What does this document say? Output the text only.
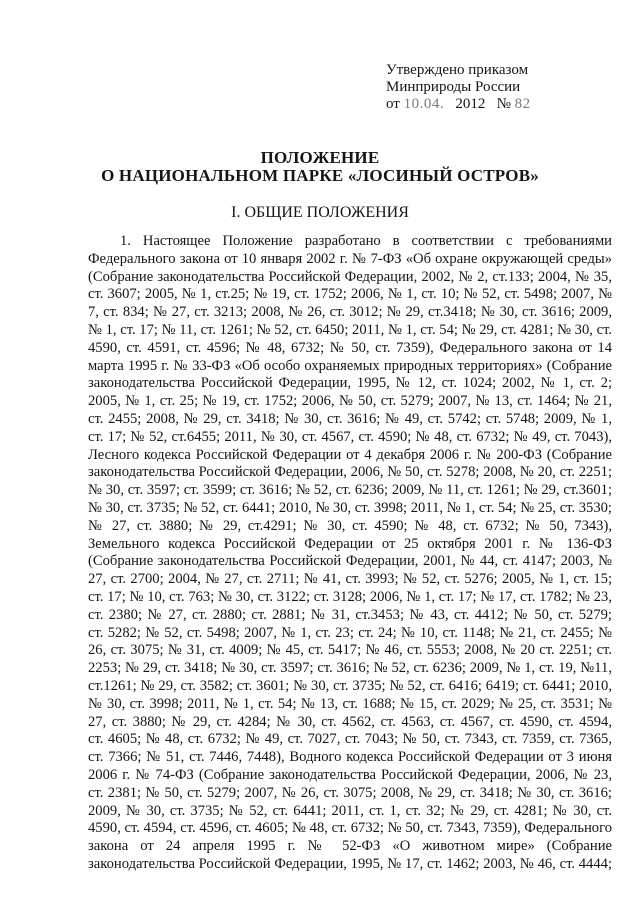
Утверждено приказом
Минприроды России
от 10.04. 2012 № 82
ПОЛОЖЕНИЕ
О НАЦИОНАЛЬНОМ ПАРКЕ «ЛОСИНЫЙ ОСТРОВ»
I. ОБЩИЕ ПОЛОЖЕНИЯ
1. Настоящее Положение разработано в соответствии с требованиями
Федерального закона от 10 января 2002 г. № 7-ФЗ «Об охране окружающей среды»
(Собрание законодательства Российской Федерации, 2002, № 2, ст.133; 2004, № 35,
ст. 3607; 2005, № 1, ст.25; № 19, ст. 1752; 2006, № 1, ст. 10; № 52, ст. 5498; 2007, №
7, ст. 834; № 27, ст. 3213; 2008, № 26, ст. 3012; № 29, ст.3418; № 30, ст. 3616; 2009,
№ 1, ст. 17; № 11, ст. 1261; № 52, ст. 6450; 2011, № 1, ст. 54; № 29, ст. 4281; № 30, ст.
4590, ст. 4591, ст. 4596; № 48, 6732; № 50, ст. 7359), Федерального закона от 14
марта 1995 г. № 33-ФЗ «Об особо охраняемых природных территориях» (Собрание
законодательства Российской Федерации, 1995, № 12, ст. 1024; 2002, № 1, ст. 2;
2005, № 1, ст. 25; № 19, ст. 1752; 2006, № 50, ст. 5279; 2007, № 13, ст. 1464; № 21,
ст. 2455; 2008, № 29, ст. 3418; № 30, ст. 3616; № 49, ст. 5742; ст. 5748; 2009, № 1,
ст. 17; № 52, ст.6455; 2011, № 30, ст. 4567, ст. 4590; № 48, ст. 6732; № 49, ст. 7043),
Лесного кодекса Российской Федерации от 4 декабря 2006 г. № 200-ФЗ (Собрание
законодательства Российской Федерации, 2006, № 50, ст. 5278; 2008, № 20, ст. 2251;
№ 30, ст. 3597; ст. 3599; ст. 3616; № 52, ст. 6236; 2009, № 11, ст. 1261; № 29, ст.3601;
№ 30, ст. 3735; № 52, ст. 6441; 2010, № 30, ст. 3998; 2011, № 1, ст. 54; № 25, ст. 3530;
№ 27, ст. 3880; № 29, ст.4291; № 30, ст. 4590; № 48, ст. 6732; № 50, 7343),
Земельного кодекса Российской Федерации от 25 октября 2001 г. № 136-ФЗ
(Собрание законодательства Российской Федерации, 2001, № 44, ст. 4147; 2003, №
27, ст. 2700; 2004, № 27, ст. 2711; № 41, ст. 3993; № 52, ст. 5276; 2005, № 1, ст. 15;
ст. 17; № 10, ст. 763; № 30, ст. 3122; ст. 3128; 2006, № 1, ст. 17; № 17, ст. 1782; № 23,
ст. 2380; № 27, ст. 2880; ст. 2881; № 31, ст.3453; № 43, ст. 4412; № 50, ст. 5279;
ст. 5282; № 52, ст. 5498; 2007, № 1, ст. 23; ст. 24; № 10, ст. 1148; № 21, ст. 2455; №
26, ст. 3075; № 31, ст. 4009; № 45, ст. 5417; № 46, ст. 5553; 2008, № 20 ст. 2251; ст.
2253; № 29, ст. 3418; № 30, ст. 3597; ст. 3616; № 52, ст. 6236; 2009, № 1, ст. 19, №11,
ст.1261; № 29, ст. 3582; ст. 3601; № 30, ст. 3735; № 52, ст. 6416; 6419; ст. 6441; 2010,
№ 30, ст. 3998; 2011, № 1, ст. 54; № 13, ст. 1688; № 15, ст. 2029; № 25, ст. 3531; №
27, ст. 3880; № 29, ст. 4284; № 30, ст. 4562, ст. 4563, ст. 4567, ст. 4590, ст. 4594,
ст. 4605; № 48, ст. 6732; № 49, ст. 7027, ст. 7043; № 50, ст. 7343, ст. 7359, ст. 7365,
ст. 7366; № 51, ст. 7446, 7448), Водного кодекса Российской Федерации от 3 июня
2006 г. № 74-ФЗ (Собрание законодательства Российской Федерации, 2006, № 23,
ст. 2381; № 50, ст. 5279; 2007, № 26, ст. 3075; 2008, № 29, ст. 3418; № 30, ст. 3616;
2009, № 30, ст. 3735; № 52, ст. 6441; 2011, ст. 1, ст. 32; № 29, ст. 4281; № 30, ст.
4590, ст. 4594, ст. 4596, ст. 4605; № 48, ст. 6732; № 50, ст. 7343, 7359), Федерального
закона от 24 апреля 1995 г. № 52-ФЗ «О животном мире» (Собрание
законодательства Российской Федерации, 1995, № 17, ст. 1462; 2003, № 46, ст. 4444;
